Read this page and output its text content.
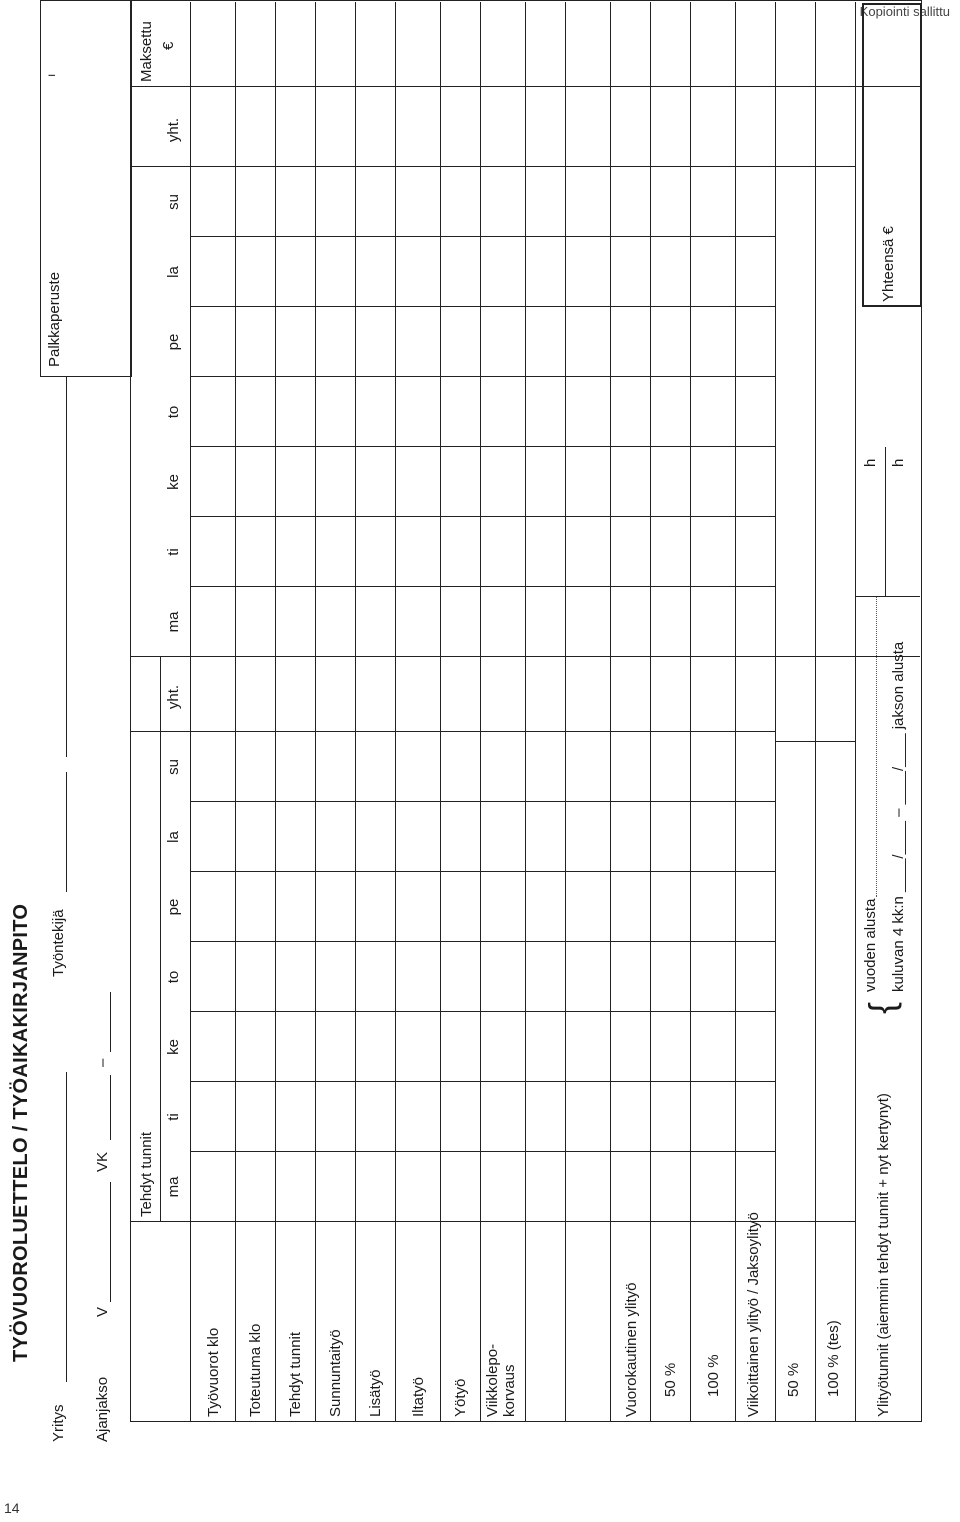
Kopiointi sallittu
14
TYÖVUOROLUETTELO / TYÖAIKAKIRJANPITO
Yritys
Työntekijä
Ajanjakso
V
VK
–
Palkkaperuste
ı
Tehdyt tunnit ma
ti
ke
to
pe
la
su
yht.
ma
ti
ke
to
pe
la
su
yht.
Maksettu €
Työvuorot klo Toteutuma klo Tehdyt tunnit Sunnuntaityö Lisätyö Iltatyö Yötyö Viikkolepo- korvaus	Vuorokautinen ylityö 50 % 100 % Viikoittainen ylityö / Jaksoylityö 50 % 100 % (tes) Ylityötunnit (aiemmin tehdyt tunnit + nyt kertynyt)
{
vuoden alusta kuluvan 4 kk:n ____/____ – ____/____ jakson alusta
h h
Yhteensä €
